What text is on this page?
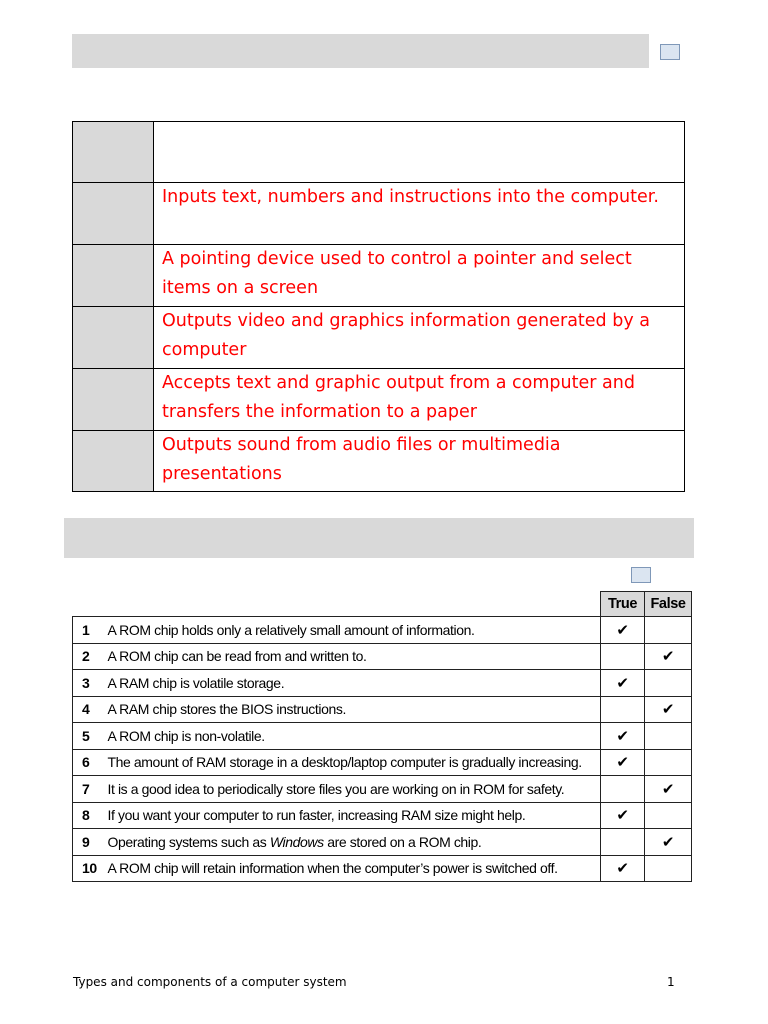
	Inputs text, numbers and instructions into the computer.
	A pointing device used to control a pointer and select items on a screen
	Outputs video and graphics information generated by a computer
	Accepts text and graphic output from a computer and transfers the information to a paper
	Outputs sound from audio files or multimedia presentations
		True	False
1	A ROM chip holds only a relatively small amount of information.	✔	
2	A ROM chip can be read from and written to.		✔
3	A RAM chip is volatile storage.	✔	
4	A RAM chip stores the BIOS instructions.		✔
5	A ROM chip is non-volatile.	✔	
6	The amount of RAM storage in a desktop/laptop computer is gradually increasing.	✔	
7	It is a good idea to periodically store files you are working on in ROM for safety.		✔
8	If you want your computer to run faster, increasing RAM size might help.	✔	
9	Operating systems such as Windows are stored on a ROM chip.		✔
10	A ROM chip will retain information when the computer’s power is switched off.	✔	
Types and components of a computer system	1
